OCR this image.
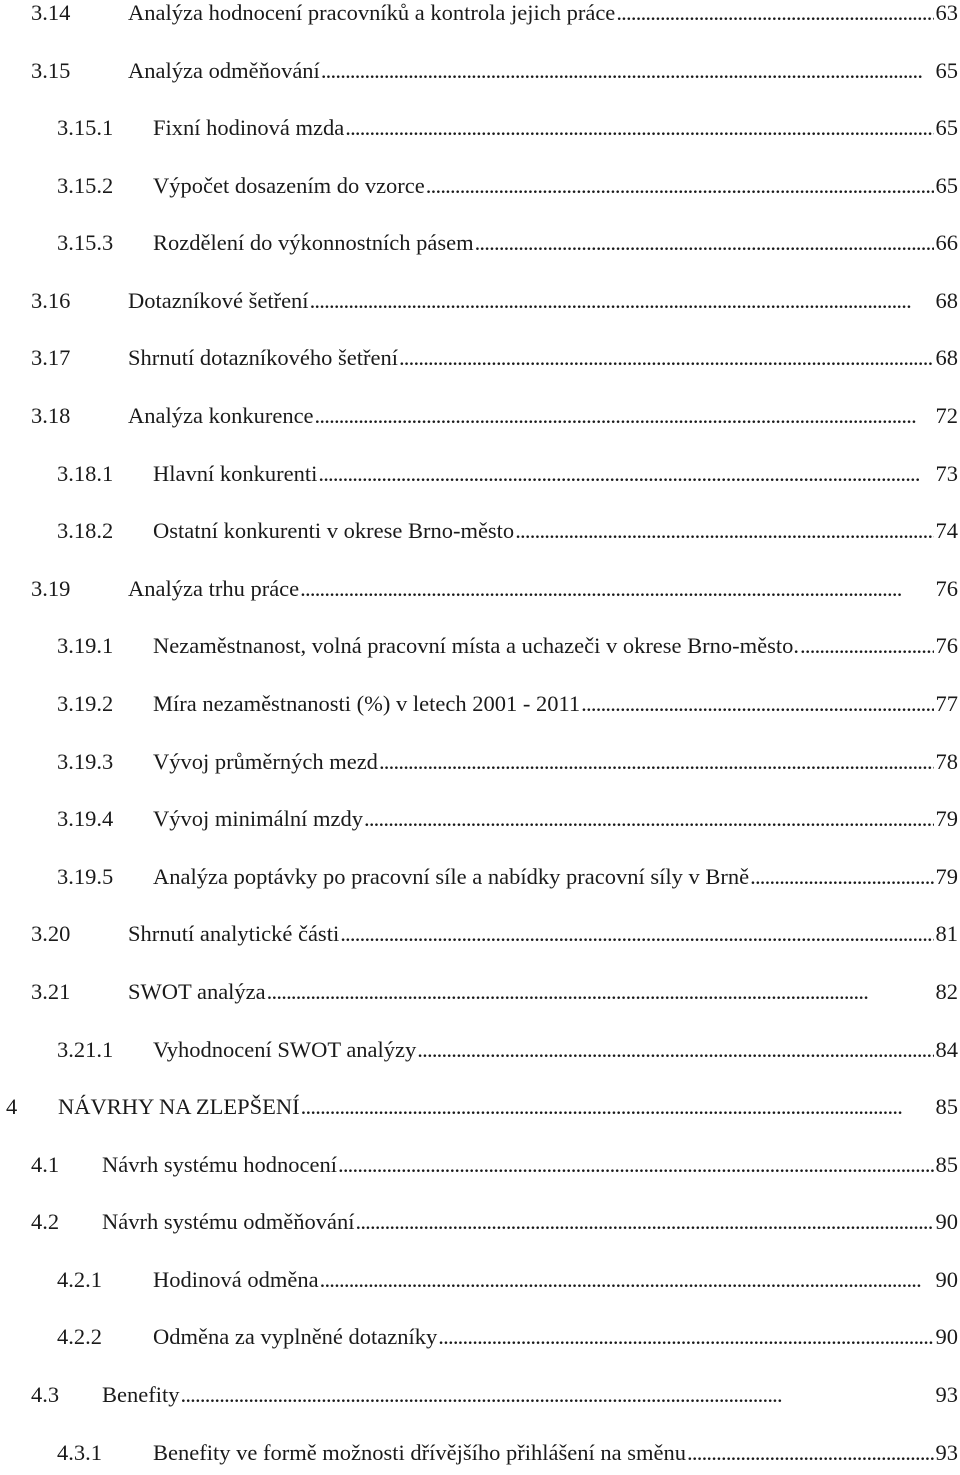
3.14	Analýza hodnocení pracovníků a kontrola jejich práce . . .	63
3.15	Analýza odměňování . . .	65
3.15.1 Fixní hodinová mzda . . .	65
3.15.2 Výpočet dosazením do vzorce . . .	65
3.15.3 Rozdělení do výkonnostních pásem . . .	66
3.16	Dotazníkové šetření . . .	68
3.17	Shrnutí dotazníkového šetření . . .	68
3.18	Analýza konkurence . . .	72
3.18.1 Hlavní konkurenti . . .	73
3.18.2 Ostatní konkurenti v okrese Brno-město . . .	74
3.19	Analýza trhu práce . . .	76
3.19.1 Nezaměstnanost, volná pracovní místa a uchazeči v okrese Brno-město. . . .	76
3.19.2 Míra nezaměstnanosti (%) v letech 2001 - 2011 . . .	77
3.19.3 Vývoj průměrných mezd . . .	78
3.19.4 Vývoj minimální mzdy . . .	79
3.19.5 Analýza poptávky po pracovní síle a nabídky pracovní síly v Brně . . .	79
3.20	Shrnutí analytické části . . .	81
3.21	SWOT analýza . . .	82
3.21.1 Vyhodnocení SWOT analýzy . . .	84
4 NÁVRHY NA ZLEPŠENÍ . . .	85
4.1 Návrh systému hodnocení . . .	85
4.2 Návrh systému odměňování . . .	90
4.2.1 Hodinová odměna . . .	90
4.2.2 Odměna za vyplněné dotazníky . . .	90
4.3 Benefity . . .	93
4.3.1 Benefity ve formě možnosti dřívějšího přihlášení na směnu . . .	93
